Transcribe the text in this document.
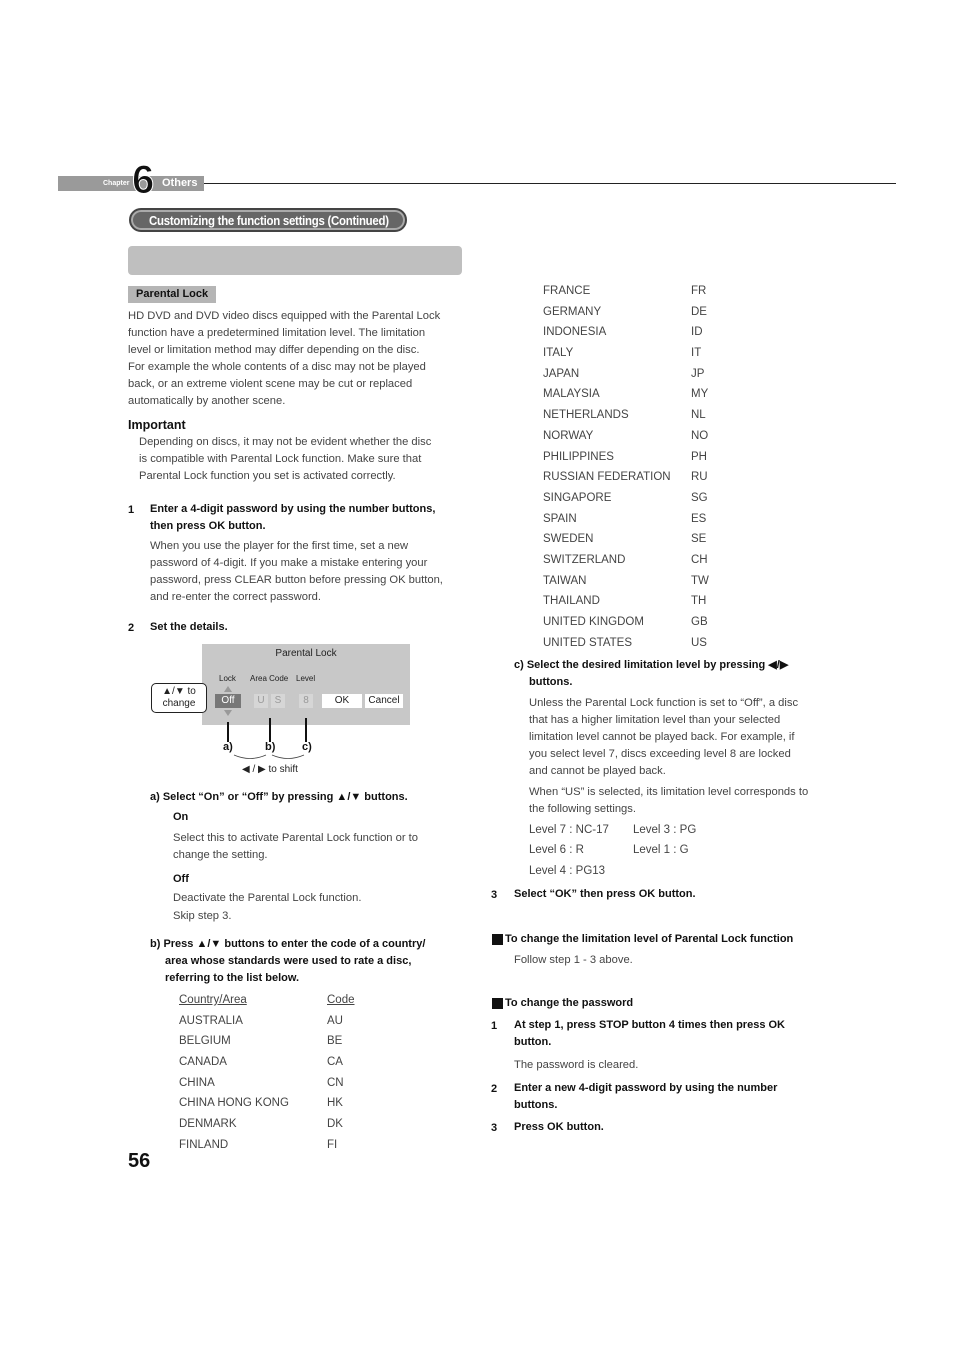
Chapter 6 Others
Customizing the function settings (Continued)
Parental Lock
HD DVD and DVD video discs equipped with the Parental Lock
function have a predetermined limitation level. The limitation
level or limitation method may differ depending on the disc.
For example the whole contents of a disc may not be played
back, or an extreme violent scene may be cut or replaced
automatically by another scene.
Important
Depending on discs, it may not be evident whether the disc
is compatible with Parental Lock function. Make sure that
Parental Lock function you set is activated correctly.
1 Enter a 4-digit password by using the number buttons,
then press OK button.
When you use the player for the first time, set a new
password of 4-digit. If you make a mistake entering your
password, press CLEAR button before pressing OK button,
and re-enter the correct password.
2 Set the details.
Parental Lock
Lock Area Code Level
Off	U	S	8	OK	Cancel
▲/▼ to
change
a)	b) c)
◀ / ▶ to shift
a) Select “On” or “Off” by pressing ▲/▼ buttons.
On
Select this to activate Parental Lock function or to
change the setting.
Off
Deactivate the Parental Lock function.
Skip step 3.
b) Press ▲/▼ buttons to enter the code of a country/
area whose standards were used to rate a disc,
referring to the list below.
Country/Area	Code
AUSTRALIA	AU
BELGIUM	BE
CANADA	CA
CHINA	CN
CHINA HONG KONG	HK
DENMARK	DK
FINLAND	FI
56
FRANCE	FR
GERMANY	DE
INDONESIA	ID
ITALY	IT
JAPAN	JP
MALAYSIA	MY
NETHERLANDS	NL
NORWAY	NO
PHILIPPINES	PH
RUSSIAN FEDERATION RU
SINGAPORE	SG
SPAIN	ES
SWEDEN	SE
SWITZERLAND	CH
TAIWAN	TW
THAILAND	TH
UNITED KINGDOM	GB
UNITED STATES	US
c) Select the desired limitation level by pressing ◀/▶
buttons.
Unless the Parental Lock function is set to “Off”, a disc
that has a higher limitation level than your selected
limitation level cannot be played back. For example, if
you select level 7, discs exceeding level 8 are locked
and cannot be played back.
When “US” is selected, its limitation level corresponds to
the following settings.
Level 7 : NC-17 Level 3 : PG
Level 6 : R	Level 1 : G
Level 4 : PG13
3 Select “OK” then press OK button.
To change the limitation level of Parental Lock function
Follow step 1 - 3 above.
To change the password
1 At step 1, press STOP button 4 times then press OK
button.
The password is cleared.
2 Enter a new 4-digit password by using the number
buttons.
3 Press OK button.
